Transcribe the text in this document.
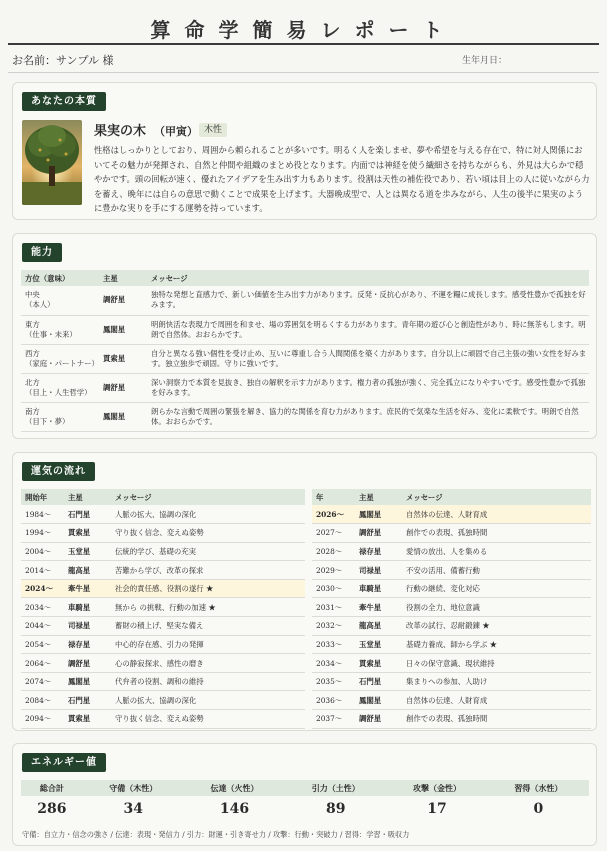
算命学簡易レポート
お名前：サンプル 様	生年月日：
あなたの本質
果実の木 （甲寅） 木性
性格はしっかりとしており、周囲から頼られることが多いです。明るく人を楽しませ、夢や希望を与える存在で、特に対人関係においてその魅力が発揮され、自然と仲間や組織のまとめ役となります。内面では神経を使う繊細さを持ちながらも、外見は大らかで穏やかです。頭の回転が速く、優れたアイデアを生み出す力もあります。役割は天性の補佐役であり、若い頃は目上の人に従いながら力を蓄え、晩年には自らの意思で動くことで成果を上げます。大器晩成型で、人とは異なる道を歩みながら、人生の後半に果実のように豊かな実りを手にする運勢を持っています。
能力
方位（意味）	主星	メッセージ

中央
（本人）	調舒星	独特な発想と直感力で、新しい価値を生み出す力があります。反発・反抗心があり、不運を糧に成長します。感受性豊かで孤独を好みます。

東方
（仕事・未来）	鳳閣星	明朗快活な表現力で周囲を和ませ、場の雰囲気を明るくする力があります。青年期の遊び心と創造性があり、時に無茶もします。明朗で自然体。おおらかです。

西方
（家庭・パートナー）	貫索星	自分と異なる強い個性を受け止め、互いに尊重し合う人間関係を築く力があります。自分以上に頑固で自己主張の強い女性を好みます。独立独歩で頑固。守りに強いです。

北方
（目上・人生哲学）	調舒星	深い洞察力で本質を見抜き、独自の解釈を示す力があります。権力者の孤独が強く、完全孤立になりやすいです。感受性豊かで孤独を好みます。

南方
（目下・夢）	鳳閣星	朗らかな言動で周囲の緊張を解き、協力的な関係を育む力があります。庶民的で気楽な生活を好み、変化に柔軟です。明朗で自然体。おおらかです。
運気の流れ
開始年	主星	メッセージ
1984〜	石門星	人脈の拡大、協調の深化
1994〜	貫索星	守り抜く信念、変えぬ姿勢
2004〜	玉堂星	伝統的学び、基礎の充実
2014〜	龍高星	苦難から学び、改革の探求
2024〜	牽牛星	社会的責任感、役割の遂行 ★
2034〜	車騎星	無から の挑戦、行動の加速 ★
2044〜	司禄星	蓄財の積上げ、堅実な備え
2054〜	禄存星	中心的存在感、引力の発揮
2064〜	調舒星	心の静寂探求、感性の磨き
2074〜	鳳閣星	代弁者の役割、調和の維持
2084〜	石門星	人脈の拡大、協調の深化
2094〜	貫索星	守り抜く信念、変えぬ姿勢
年	主星	メッセージ
2026〜	鳳閣星	自然体の伝達、人財育成
2027〜	調舒星	創作での表現、孤独時間
2028〜	禄存星	愛情の放出、人を集める
2029〜	司禄星	不安の活用、備蓄行動
2030〜	車騎星	行動の継続、変化対応
2031〜	牽牛星	役割の全力、地位意識
2032〜	龍高星	改革の試行、忍耐鍛錬 ★
2033〜	玉堂星	基礎力養成、師から学ぶ ★
2034〜	貫索星	日々の保守意識、現状維持
2035〜	石門星	集まりへの参加、人助け
2036〜	鳳閣星	自然体の伝達、人財育成
2037〜	調舒星	創作での表現、孤独時間
エネルギー値
総合計	守備（木性）	伝達（火性）	引力（土性）	攻撃（金性）	習得（水性）
286	34	146	89	17	0
守備：自立力・信念の強さ / 伝達：表現・発信力 / 引力：財運・引き寄せ力 / 攻撃：行動・突破力 / 習得：学習・吸収力
